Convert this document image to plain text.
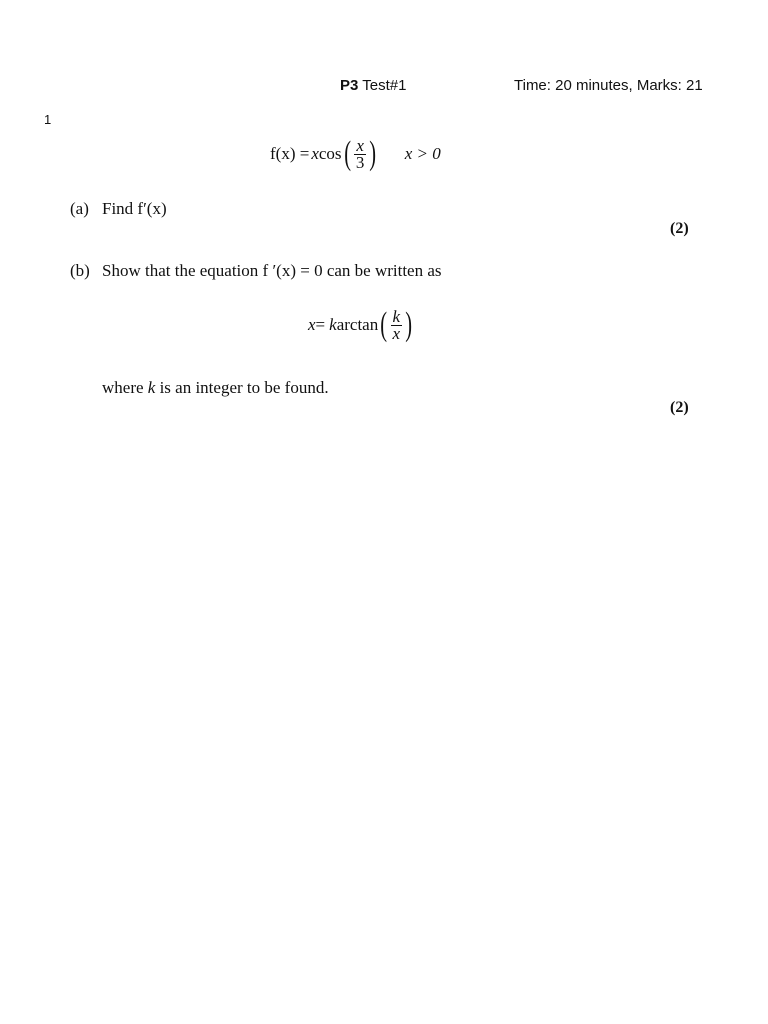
P3 Test#1	Time: 20 minutes, Marks: 21
1
f(x) = x cos ( $\frac{x}{3}$ ) x > 0
(a) Find f′(x)
(2)
(b) Show that the equation f ′(x) = 0 can be written as
x = k arctan ( $\frac{k}{x}$ )
where k is an integer to be found.
(2)
